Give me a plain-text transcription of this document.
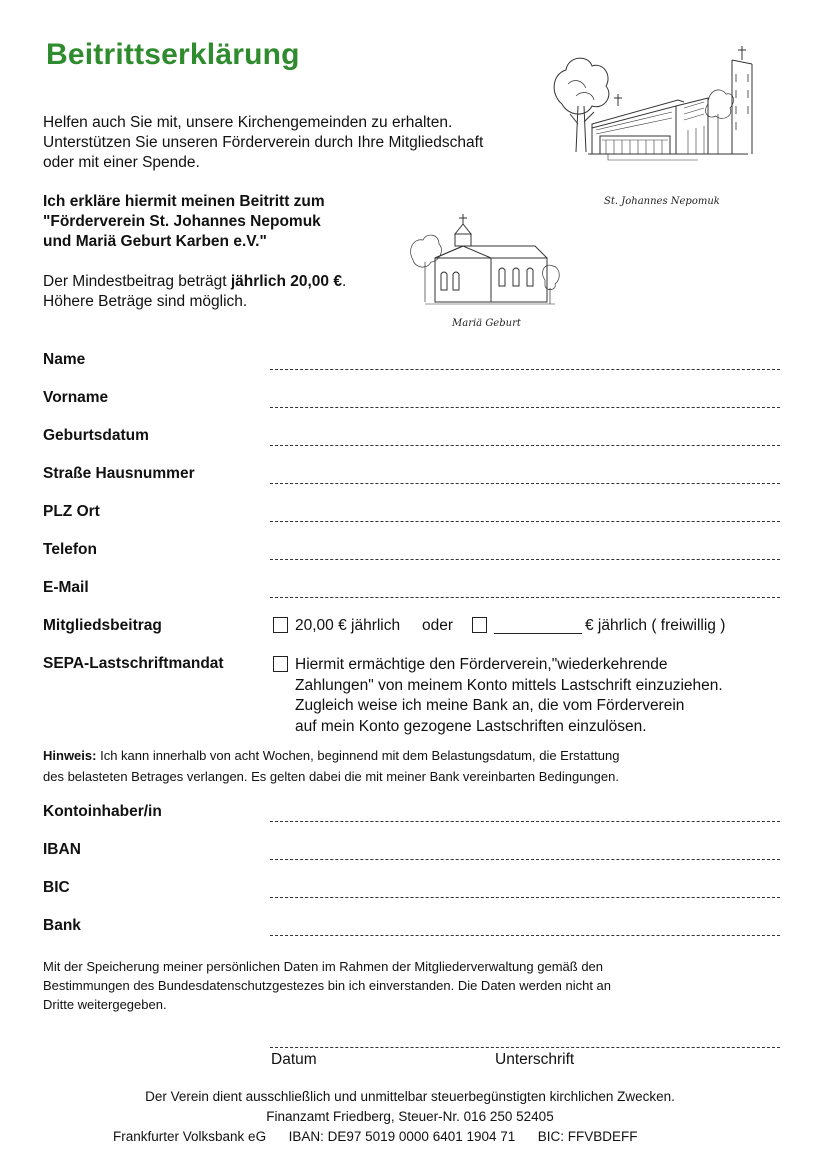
Beitrittserklärung
Helfen auch Sie mit, unsere Kirchengemeinden zu erhalten.
Unterstützen Sie unseren Förderverein durch Ihre Mitgliedschaft
oder mit einer Spende.
Ich erkläre hiermit meinen Beitritt zum
"Förderverein St. Johannes Nepomuk
und Mariä Geburt Karben e.V."
Der Mindestbeitrag beträgt jährlich 20,00 €.
Höhere Beträge sind möglich.
St. Johannes Nepomuk
Mariä Geburt
Name
Vorname
Geburtsdatum
Straße Hausnummer
PLZ Ort
Telefon
E-Mail
Mitgliedsbeitrag	20,00 € jährlich oder	€ jährlich ( freiwillig )
SEPA-Lastschriftmandat	Hiermit ermächtige den Förderverein,"wiederkehrende
Zahlungen" von meinem Konto mittels Lastschrift einzuziehen.
Zugleich weise ich meine Bank an, die vom Förderverein
auf mein Konto gezogene Lastschriften einzulösen.
Hinweis: Ich kann innerhalb von acht Wochen, beginnend mit dem Belastungsdatum, die Erstattung
des belasteten Betrages verlangen. Es gelten dabei die mit meiner Bank vereinbarten Bedingungen.
Kontoinhaber/in
IBAN
BIC
Bank
Mit der Speicherung meiner persönlichen Daten im Rahmen der Mitgliederverwaltung gemäß den
Bestimmungen des Bundesdatenschutzgestezes bin ich einverstanden. Die Daten werden nicht an
Dritte weitergegeben.
Datum	Unterschrift
Der Verein dient ausschließlich und unmittelbar steuerbegünstigten kirchlichen Zwecken.
Finanzamt Friedberg, Steuer-Nr. 016 250 52405
Frankfurter Volksbank eG IBAN: DE97 5019 0000 6401 1904 71 BIC: FFVBDEFF
